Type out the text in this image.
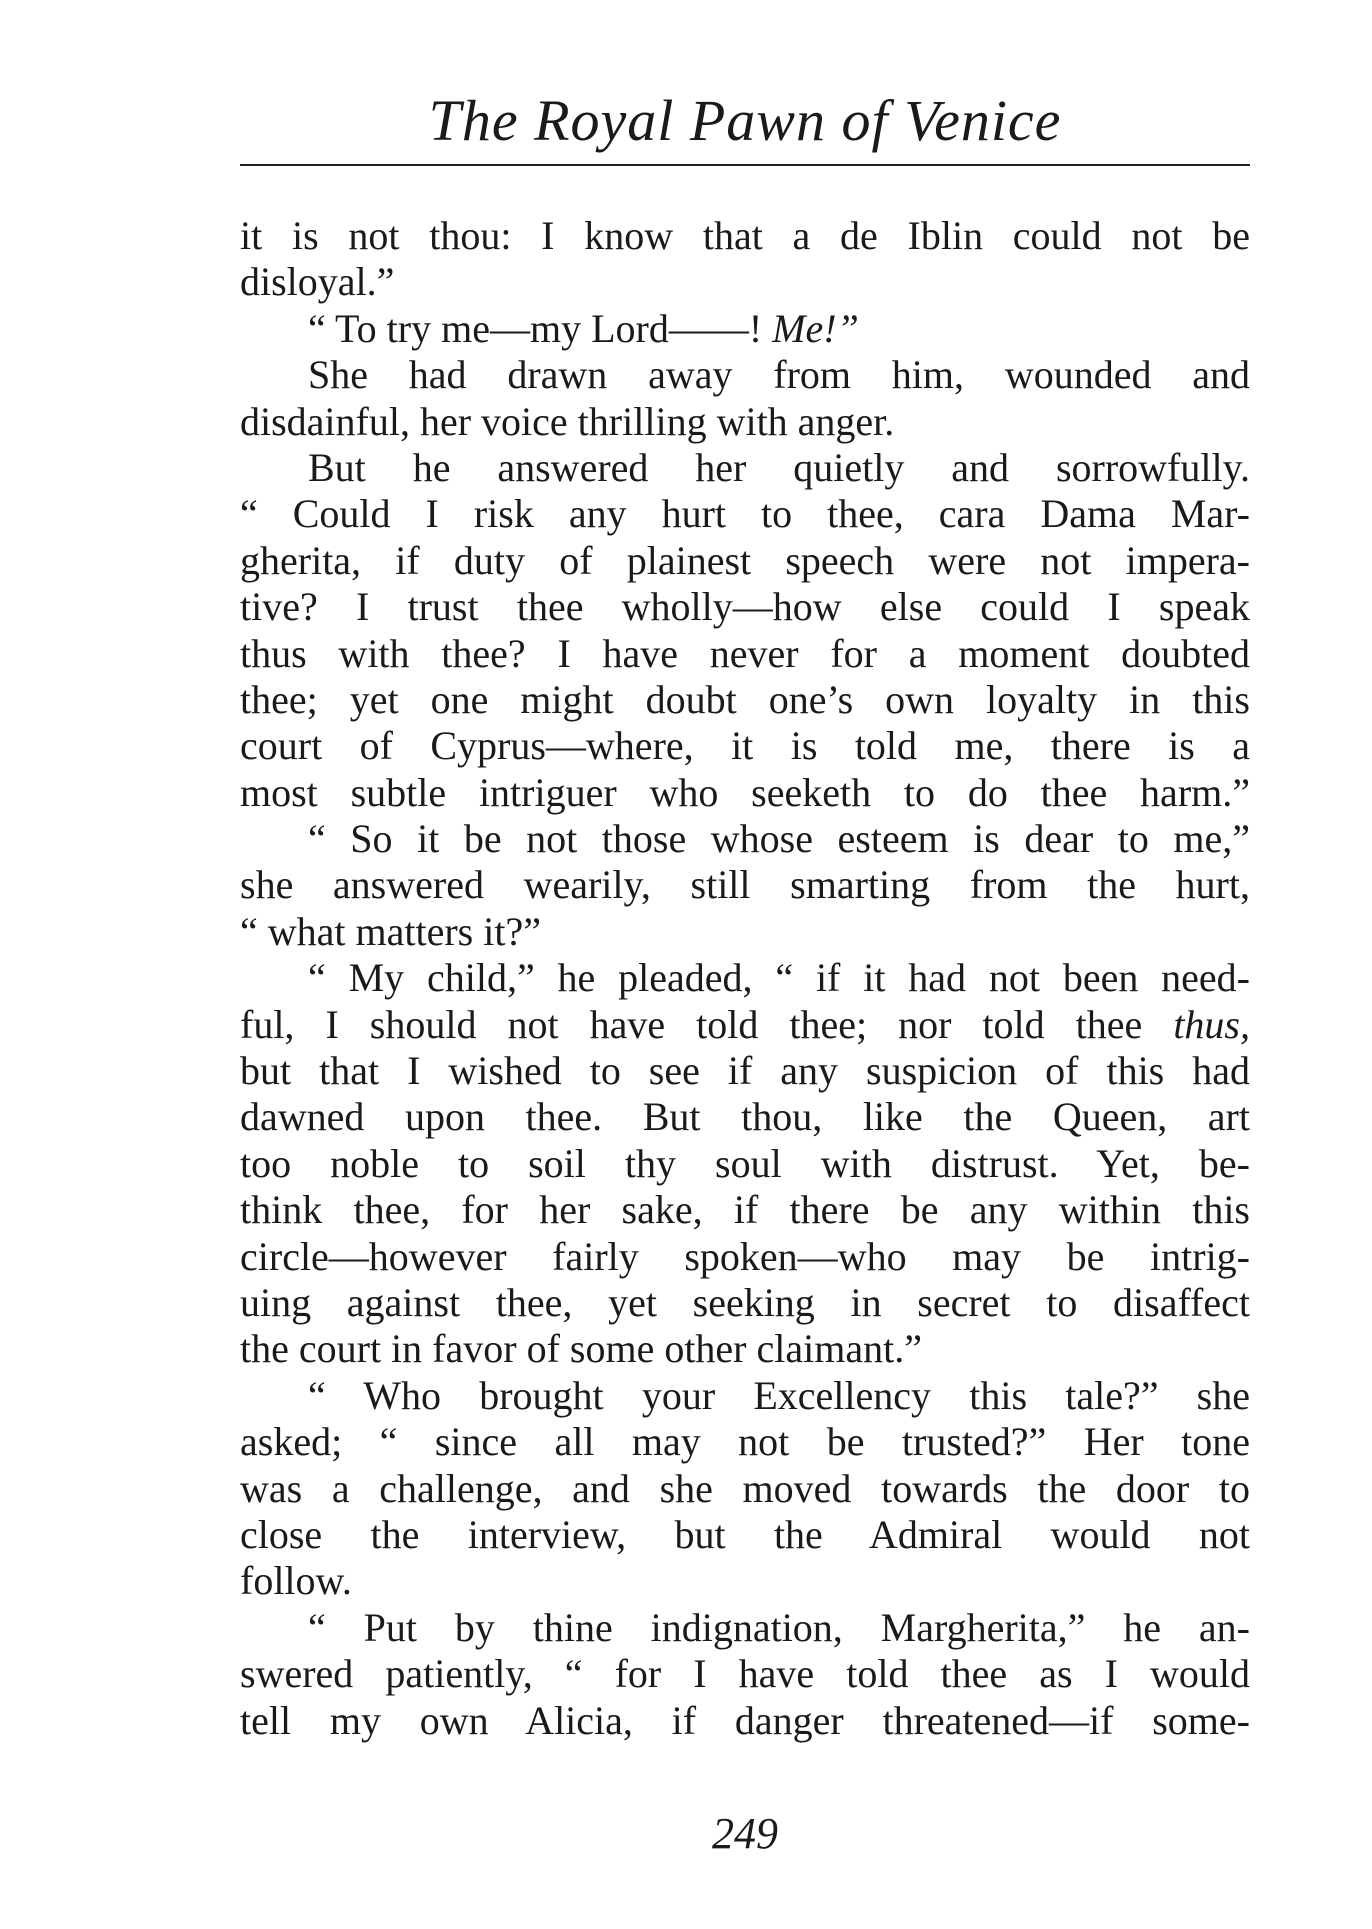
The Royal Pawn of Venice
it is not thou: I know that a de Iblin could not be
disloyal.”
“ To try me—my Lord——! Me!”
She had drawn away from him, wounded and
disdainful, her voice thrilling with anger.
But he answered her quietly and sorrowfully.
“ Could I risk any hurt to thee, cara Dama Mar-
gherita, if duty of plainest speech were not impera-
tive? I trust thee wholly—how else could I speak
thus with thee? I have never for a moment doubted
thee; yet one might doubt one’s own loyalty in this
court of Cyprus—where, it is told me, there is a
most subtle intriguer who seeketh to do thee harm.”
“ So it be not those whose esteem is dear to me,”
she answered wearily, still smarting from the hurt,
“ what matters it?”
“ My child,” he pleaded, “ if it had not been need-
ful, I should not have told thee; nor told thee thus,
but that I wished to see if any suspicion of this had
dawned upon thee. But thou, like the Queen, art
too noble to soil thy soul with distrust. Yet, be-
think thee, for her sake, if there be any within this
circle—however fairly spoken—who may be intrig-
uing against thee, yet seeking in secret to disaffect
the court in favor of some other claimant.”
“ Who brought your Excellency this tale?” she
asked; “ since all may not be trusted?” Her tone
was a challenge, and she moved towards the door to
close the interview, but the Admiral would not
follow.
“ Put by thine indignation, Margherita,” he an-
swered patiently, “ for I have told thee as I would
tell my own Alicia, if danger threatened—if some-
249
